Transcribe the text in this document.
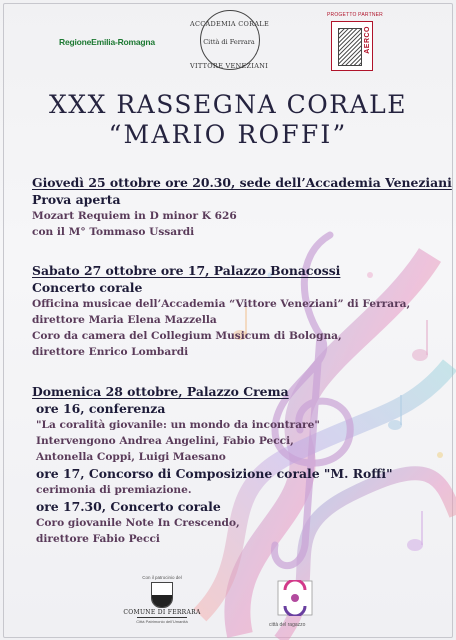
RegioneEmilia-Romagna
ACCADEMIA CORALE
Città di Ferrara
VITTORE VENEZIANI
PROGETTO PARTNER
AERCO
XXX RASSEGNA CORALE
“MARIO ROFFI”
Giovedì 25 ottobre ore 20.30, sede dell’Accademia Veneziani
Prova aperta
Mozart Requiem in D minor K 626
con il M° Tommaso Ussardi
Sabato 27 ottobre ore 17, Palazzo Bonacossi
Concerto corale
Officina musicae dell’Accademia “Vittore Veneziani” di Ferrara,
direttore Maria Elena Mazzella
Coro da camera del Collegium Musicum di Bologna,
direttore Enrico Lombardi
Domenica 28 ottobre, Palazzo Crema
ore 16, conferenza
"La coralità giovanile: un mondo da incontrare"
Intervengono Andrea Angelini, Fabio Pecci,
Antonella Coppi, Luigi Maesano
ore 17, Concorso di Composizione corale "M. Roffi"
cerimonia di premiazione.
ore 17.30, Concerto corale
Coro giovanile Note In Crescendo,
direttore Fabio Pecci
Con il patrocinio del
COMUNE DI FERRARA
Città Patrimonio dell'Umanità
città del ragazzo
